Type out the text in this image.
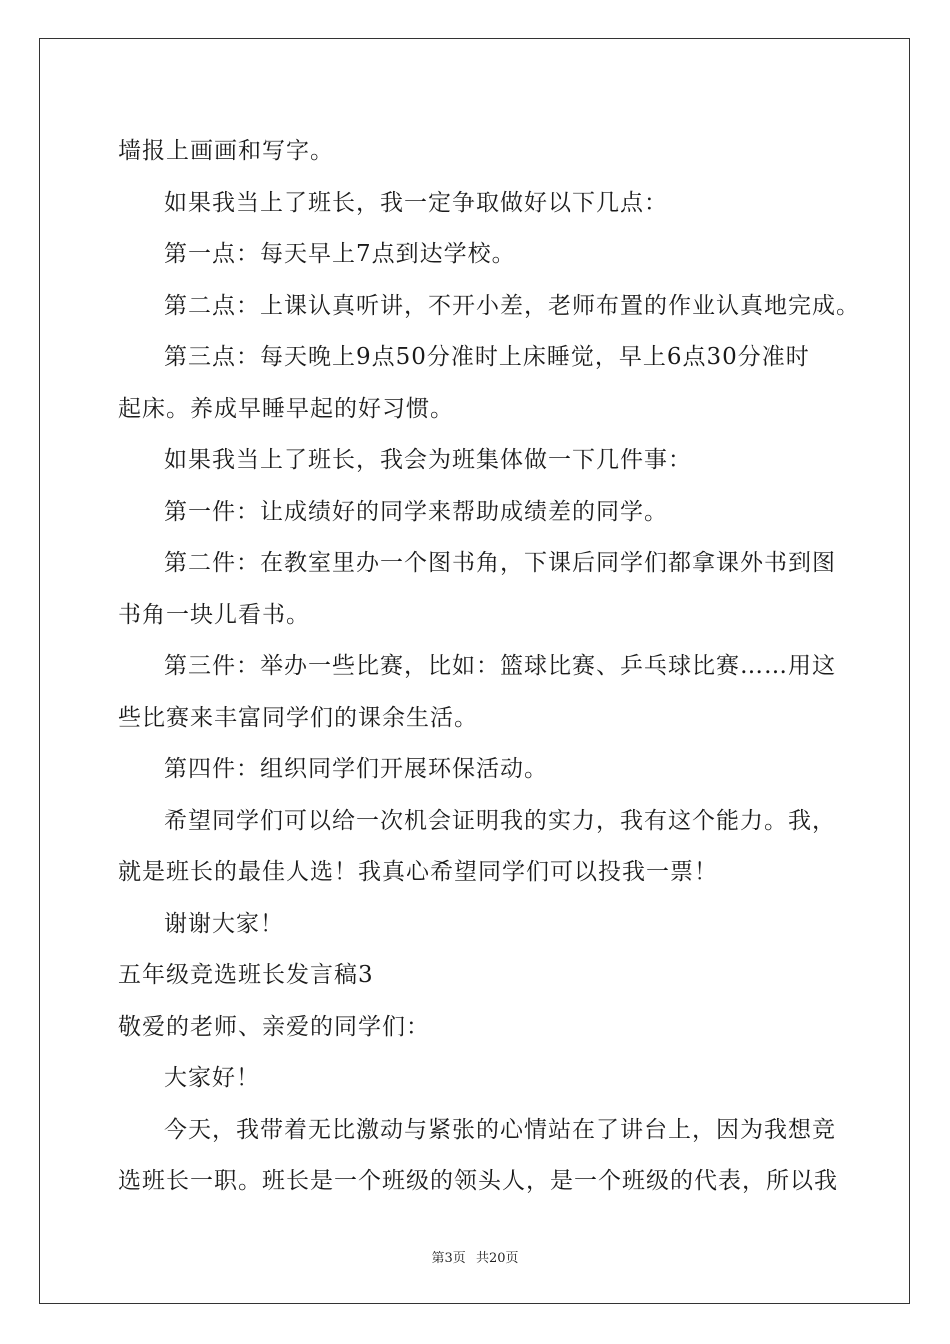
墙报上画画和写字。
如果我当上了班长，我一定争取做好以下几点：
第一点：每天早上7点到达学校。
第二点：上课认真听讲，不开小差，老师布置的作业认真地完成。
第三点：每天晚上9点50分准时上床睡觉，早上6点30分准时
起床。养成早睡早起的好习惯。
如果我当上了班长，我会为班集体做一下几件事：
第一件：让成绩好的同学来帮助成绩差的同学。
第二件：在教室里办一个图书角，下课后同学们都拿课外书到图
书角一块儿看书。
第三件：举办一些比赛，比如：篮球比赛、乒乓球比赛……用这
些比赛来丰富同学们的课余生活。
第四件：组织同学们开展环保活动。
希望同学们可以给一次机会证明我的实力，我有这个能力。我，
就是班长的最佳人选！我真心希望同学们可以投我一票！
谢谢大家！
五年级竞选班长发言稿3
敬爱的老师、亲爱的同学们：
大家好！
今天，我带着无比激动与紧张的心情站在了讲台上，因为我想竞
选班长一职。班长是一个班级的领头人，是一个班级的代表，所以我
第3页 共20页
